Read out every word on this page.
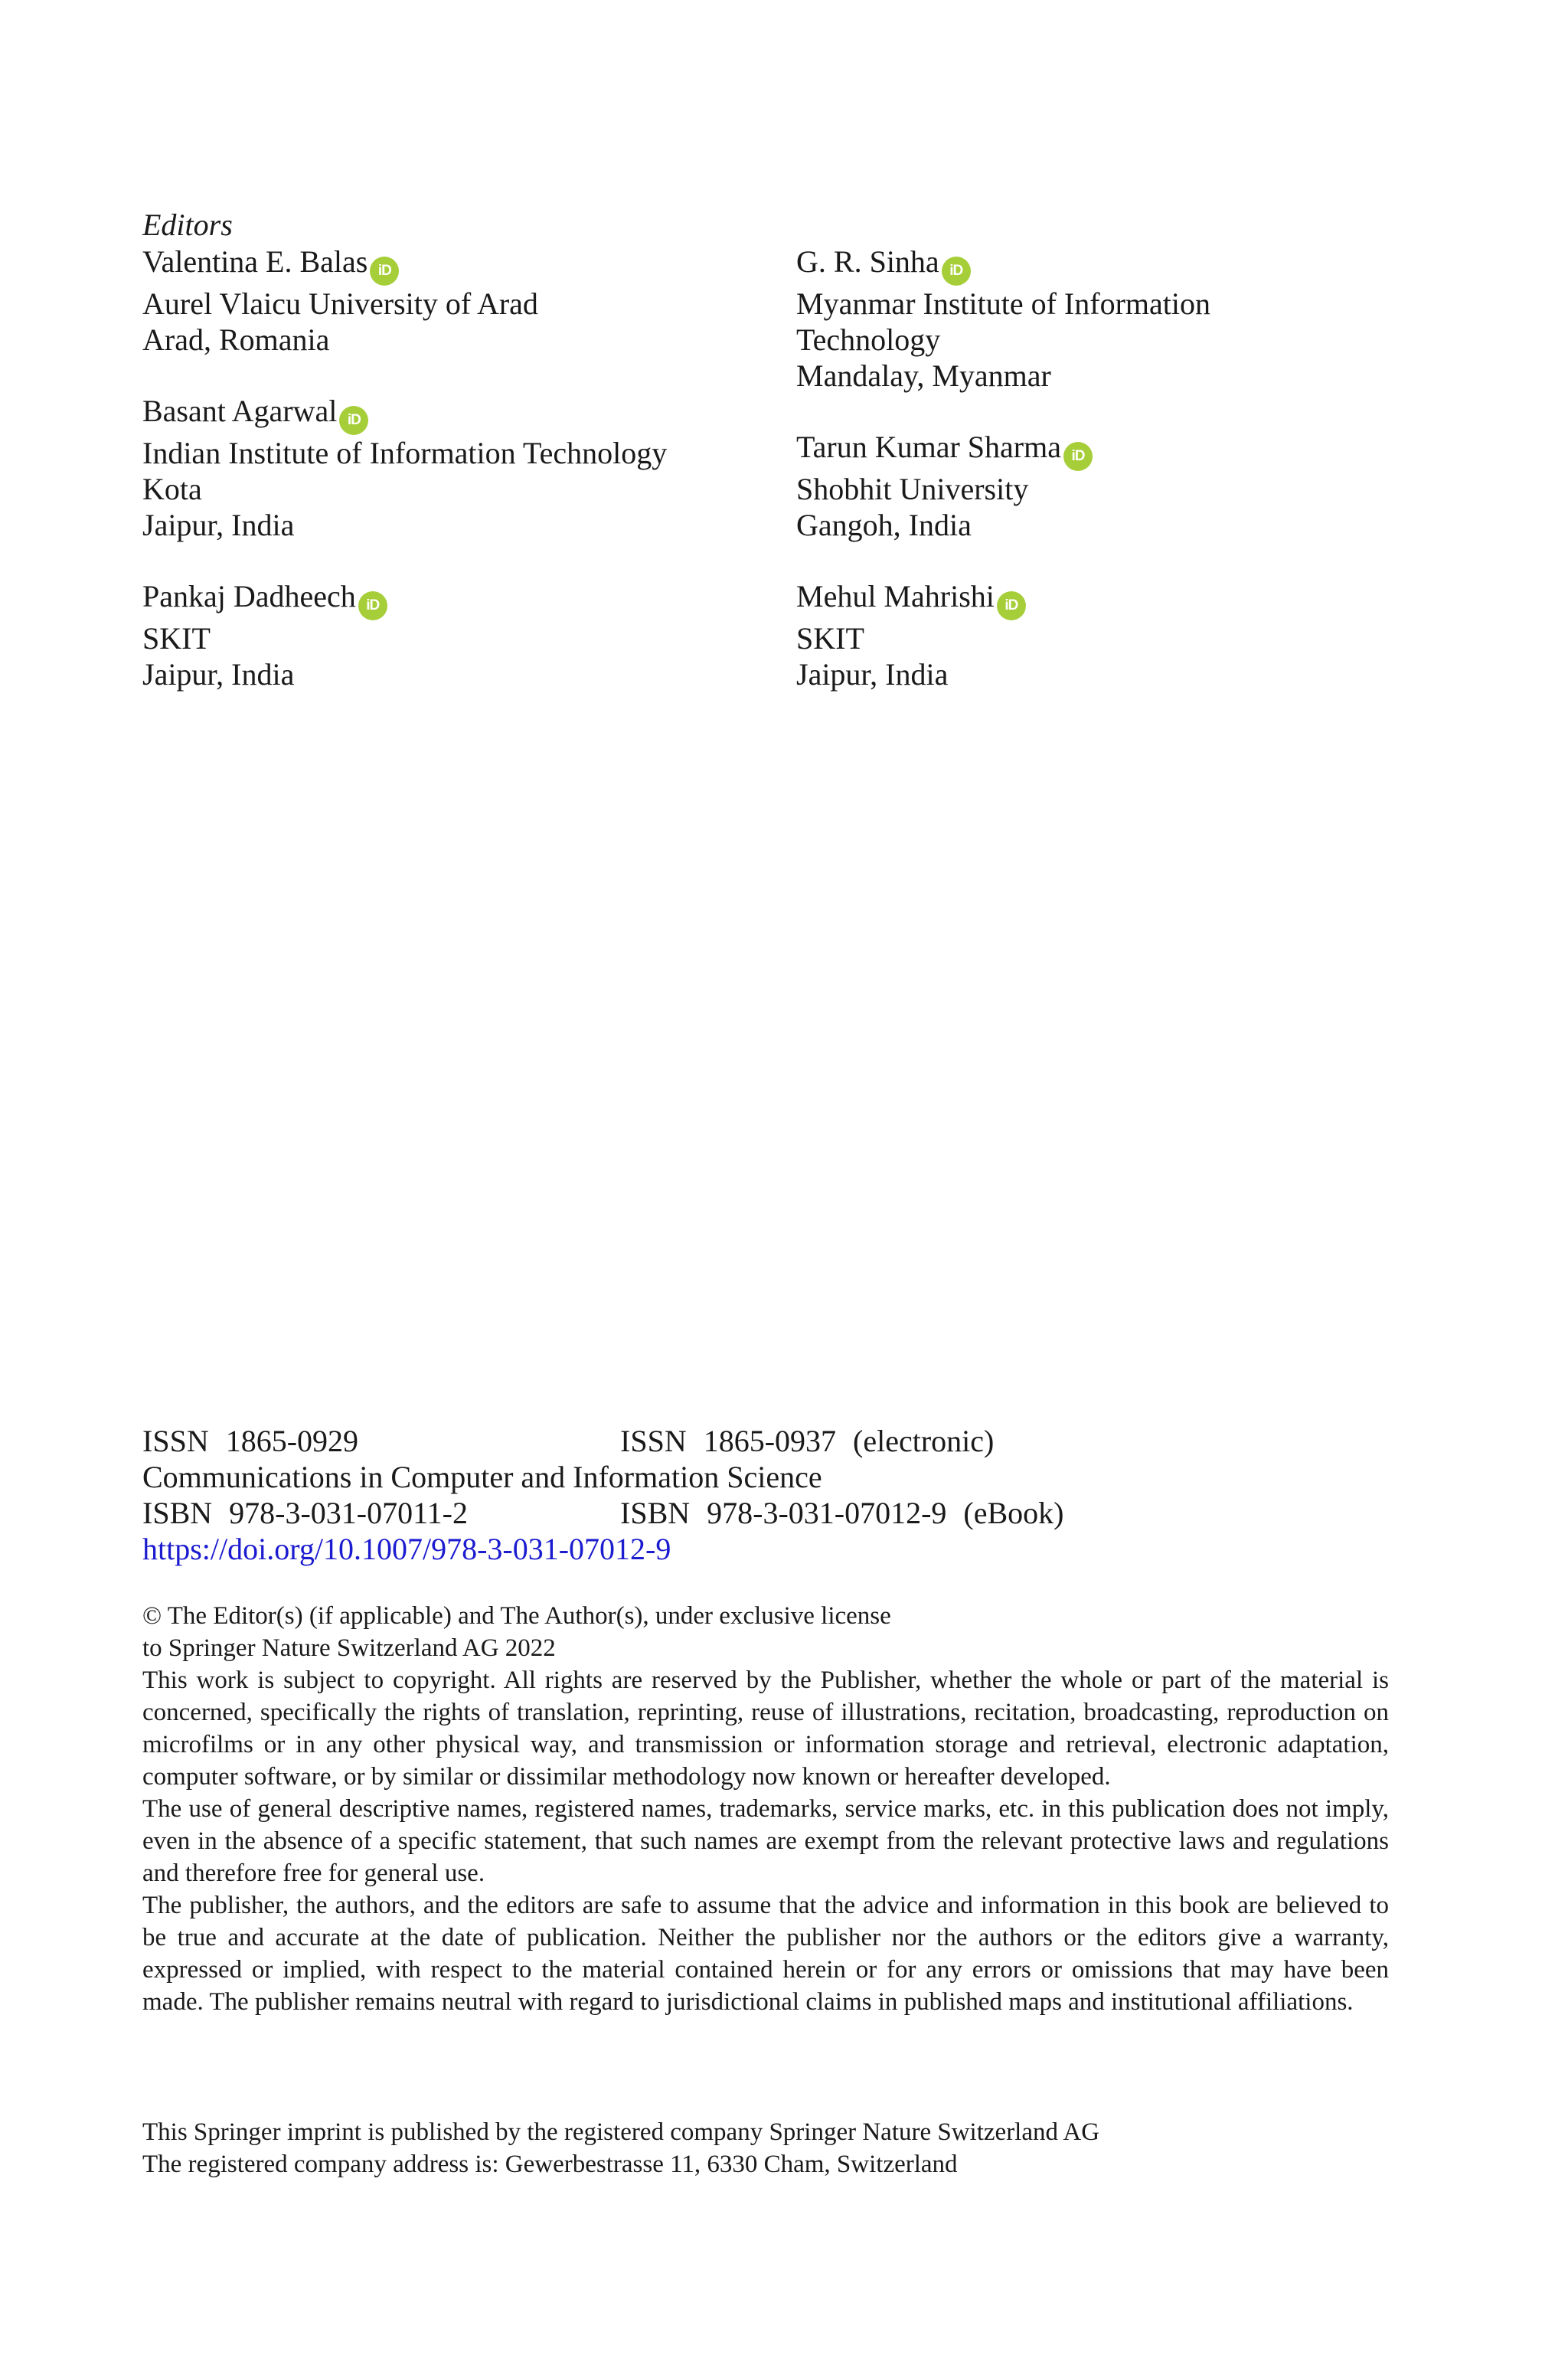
Editors

Valentina E. Balas iD
Aurel Vlaicu University of Arad
Arad, Romania
Basant Agarwal iD
Indian Institute of Information Technology
Kota
Jaipur, India
Pankaj Dadheech iD
SKIT
Jaipur, India
G. R. Sinha iD
Myanmar Institute of Information
Technology
Mandalay, Myanmar
Tarun Kumar Sharma iD
Shobhit University
Gangoh, India
Mehul Mahrishi iD
SKIT
Jaipur, India
ISSN 1865-0929	ISSN 1865-0937 (electronic)
Communications in Computer and Information Science
ISBN 978-3-031-07011-2	ISBN 978-3-031-07012-9 (eBook)
https://doi.org/10.1007/978-3-031-07012-9

© The Editor(s) (if applicable) and The Author(s), under exclusive license

to Springer Nature Switzerland AG 2022

This work is subject to copyright. All rights are reserved by the Publisher, whether the whole or part of the material is concerned, specifically the rights of translation, reprinting, reuse of illustrations, recitation, broadcasting, reproduction on microfilms or in any other physical way, and transmission or information storage and retrieval, electronic adaptation, computer software, or by similar or dissimilar methodology now known or hereafter developed.

The use of general descriptive names, registered names, trademarks, service marks, etc. in this publication does not imply, even in the absence of a specific statement, that such names are exempt from the relevant protective laws and regulations and therefore free for general use.

The publisher, the authors, and the editors are safe to assume that the advice and information in this book are believed to be true and accurate at the date of publication. Neither the publisher nor the authors or the editors give a warranty, expressed or implied, with respect to the material contained herein or for any errors or omissions that may have been made. The publisher remains neutral with regard to jurisdictional claims in published maps and institutional affiliations.

This Springer imprint is published by the registered company Springer Nature Switzerland AG

The registered company address is: Gewerbestrasse 11, 6330 Cham, Switzerland
